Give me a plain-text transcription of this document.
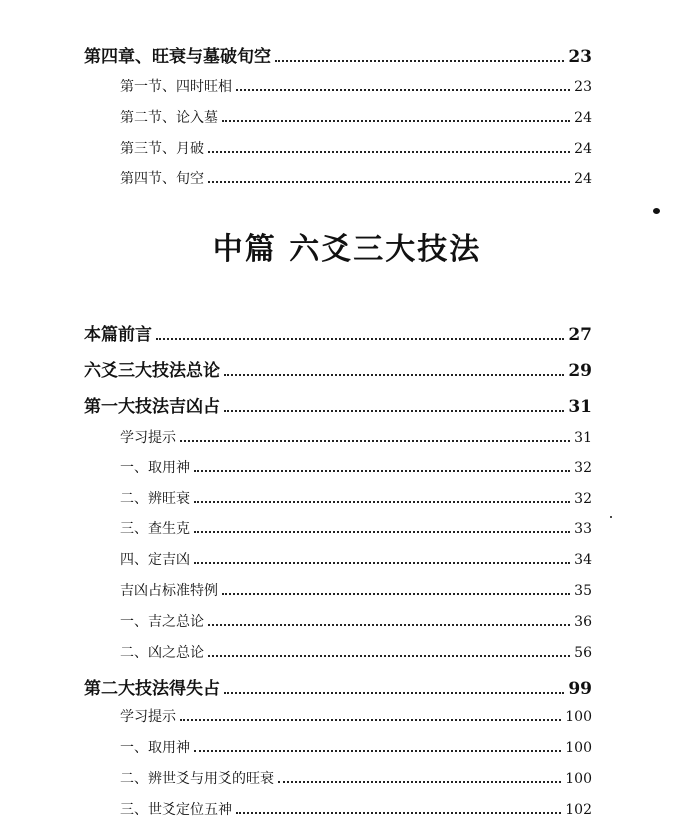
第四章、旺衰与墓破旬空	23
第一节、四时旺相	23
第二节、论入墓	24
第三节、月破	24
第四节、旬空	24
中篇 六爻三大技法
本篇前言	27
六爻三大技法总论	29
第一大技法吉凶占	31
学习提示	31
一、取用神	32
二、辨旺衰	32
三、查生克	33
四、定吉凶	34
吉凶占标准特例	35
一、吉之总论	36
二、凶之总论	56
第二大技法得失占	99
学习提示	100
一、取用神	100
二、辨世爻与用爻的旺衰	100
三、世爻定位五神	102
